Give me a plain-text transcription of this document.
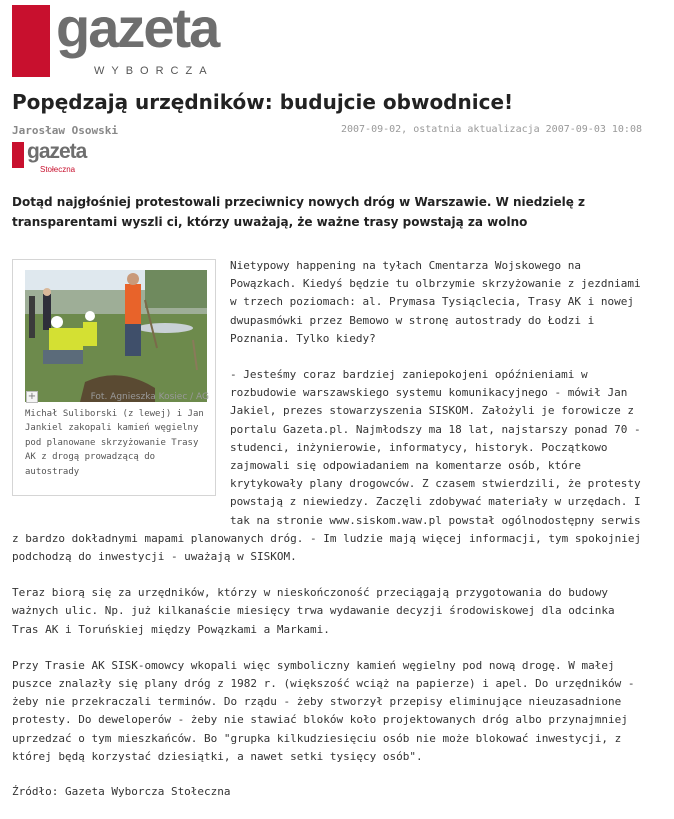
gazeta
WYBORCZA
Popędzają urzędników: budujcie obwodnice!
Jarosław Osowski	2007-09-02, ostatnia aktualizacja 2007-09-03 10:08
gazeta
Stołeczna

Dotąd najgłośniej protestowali przeciwnicy nowych dróg w Warszawie. W niedzielę z transparentami wyszli ci, którzy uważają, że ważne trasy powstają za wolno

Nietypowy happening na tyłach Cmentarza Wojskowego na Powązkach. Kiedyś będzie tu olbrzymie skrzyżowanie z jezdniami w trzech poziomach: al. Prymasa Tysiąclecia, Trasy AK i nowej dwupasmówki przez Bemowo w stronę autostrady do Łodzi i Poznania. Tylko kiedy?

- Jesteśmy coraz bardziej zaniepokojeni opóźnieniami w rozbudowie warszawskiego systemu komunikacyjnego - mówił Jan Jakiel, prezes stowarzyszenia SISKOM. Założyli je forowicze z portalu Gazeta.pl. Najmłodszy ma 18 lat, najstarszy ponad 70 - studenci, inżynierowie, informatycy, historyk. Początkowo zajmowali się odpowiadaniem na komentarze osób, które krytykowały plany drogowców. Z czasem stwierdzili, że protesty powstają z niewiedzy. Zaczęli zdobywać materiały w urzędach. I tak na stronie www.siskom.waw.pl powstał ogólnodostępny serwis z bardzo dokładnymi mapami planowanych dróg. - Im ludzie mają więcej informacji, tym spokojniej podchodzą do inwestycji - uważają w SISKOM.

Teraz biorą się za urzędników, którzy w nieskończoność przeciągają przygotowania do budowy ważnych ulic. Np. już kilkanaście miesięcy trwa wydawanie decyzji środowiskowej dla odcinka Tras AK i Toruńskiej między Powązkami a Markami.

Przy Trasie AK SISK-omowcy wkopali więc symboliczny kamień węgielny pod nową drogę. W małej puszce znalazły się plany dróg z 1982 r. (większość wciąż na papierze) i apel. Do urzędników - żeby nie przekraczali terminów. Do rządu - żeby stworzył przepisy eliminujące nieuzasadnione protesty. Do deweloperów - żeby nie stawiać bloków koło projektowanych dróg albo przynajmniej uprzedzać o tym mieszkańców. Bo "grupka kilkudziesięciu osób nie może blokować inwestycji, z której będą korzystać dziesiątki, a nawet setki tysięcy osób".

Źródło: Gazeta Wyborcza Stołeczna

+	Fot. Agnieszka Kosiec / AG
Michał Suliborski (z lewej) i Jan Jankiel zakopali kamień węgielny pod planowane skrzyżowanie Trasy AK z drogą prowadzącą do autostrady
